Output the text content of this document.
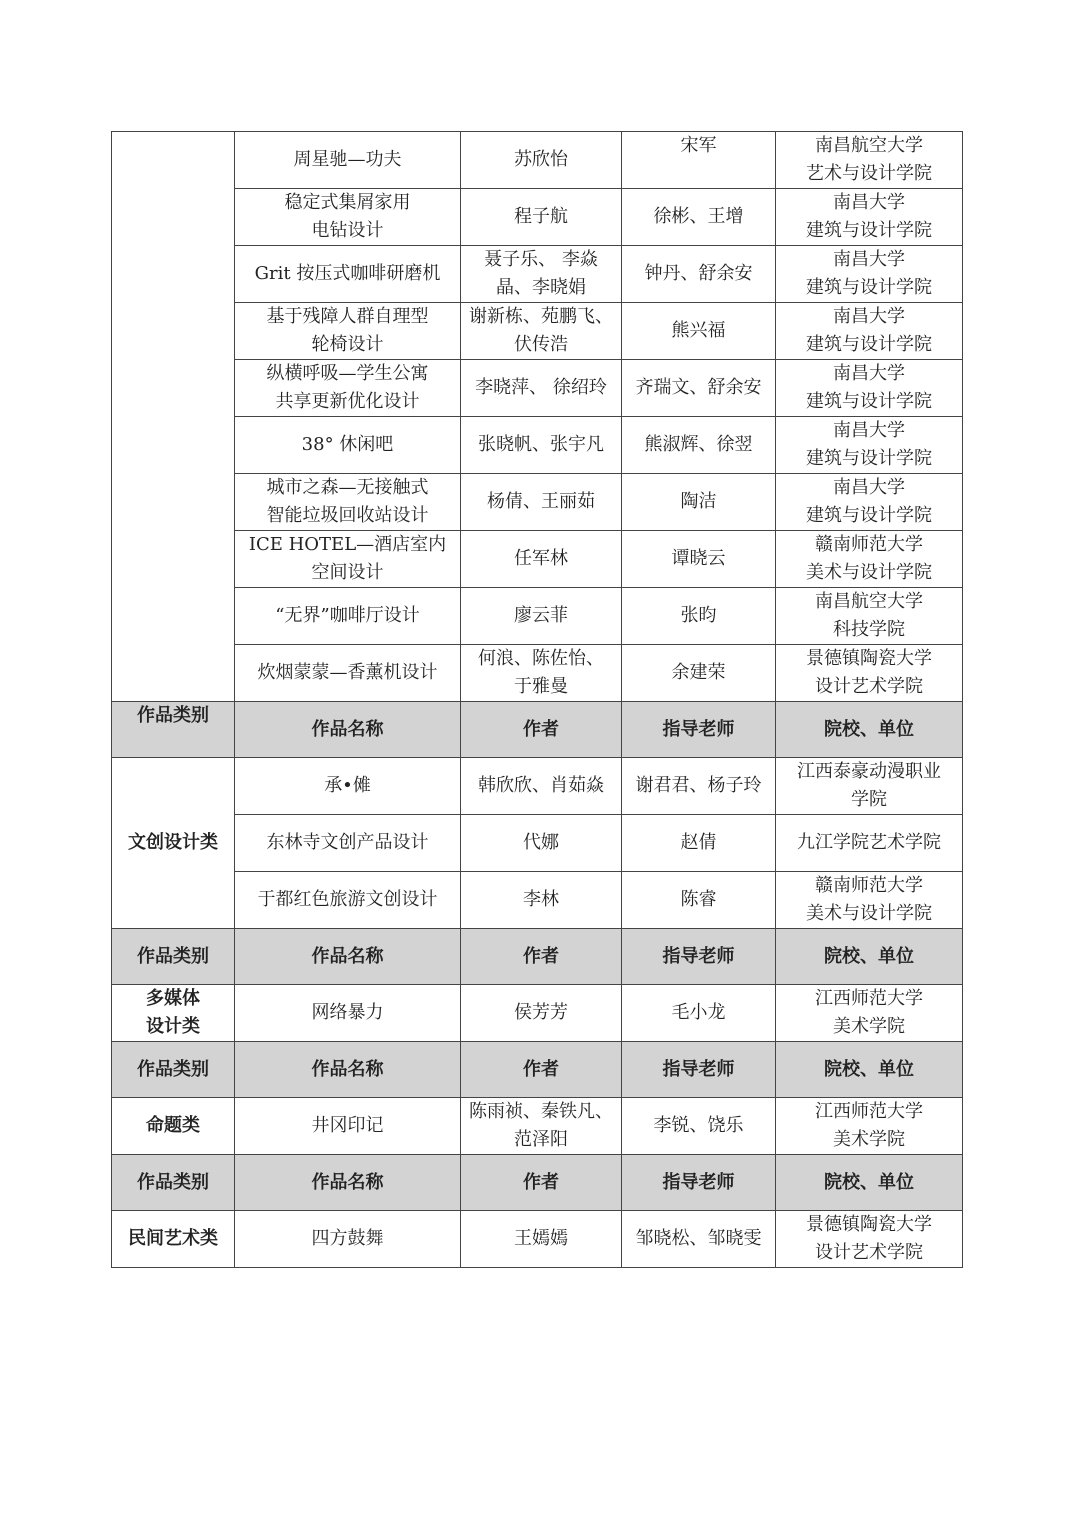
	周星驰—功夫	苏欣怡	宋军	南昌航空大学
艺术与设计学院

	稳定式集屑家用
电钻设计	程子航	徐彬、王增	南昌大学
建筑与设计学院

	Grit 按压式咖啡研磨机	聂子乐、 李焱
晶、李晓娟	钟丹、舒余安	南昌大学
建筑与设计学院

	基于残障人群自理型
轮椅设计	谢新栋、苑鹏飞、
伏传浩	熊兴福	南昌大学
建筑与设计学院

	纵横呼吸—学生公寓
共享更新优化设计	李晓萍、 徐绍玲	齐瑞文、舒余安	南昌大学
建筑与设计学院

	38° 休闲吧	张晓帆、张宇凡	熊淑辉、徐翌	南昌大学
建筑与设计学院

	城市之森—无接触式
智能垃圾回收站设计	杨倩、王丽茹	陶洁	南昌大学
建筑与设计学院

	ICE HOTEL—酒店室内
空间设计	任军林	谭晓云	赣南师范大学
美术与设计学院

	“无界”咖啡厅设计	廖云菲	张昀	南昌航空大学
科技学院

	炊烟蒙蒙—香薰机设计	何浪、陈佐怡、
于雅曼	余建荣	景德镇陶瓷大学
设计艺术学院

作品类别	作品名称	作者	指导老师	院校、单位
文创设计类	承•傩	韩欣欣、肖茹焱	谢君君、杨子玲	江西泰豪动漫职业
学院

	东林寺文创产品设计	代娜	赵倩	九江学院艺术学院

	于都红色旅游文创设计	李林	陈睿	赣南师范大学
美术与设计学院

作品类别	作品名称	作者	指导老师	院校、单位

多媒体
设计类	网络暴力	侯芳芳	毛小龙	江西师范大学
美术学院

作品类别	作品名称	作者	指导老师	院校、单位
命题类	井冈印记	陈雨祯、秦铁凡、
范泽阳	李锐、饶乐	江西师范大学
美术学院

作品类别	作品名称	作者	指导老师	院校、单位
民间艺术类	四方鼓舞	王嫣嫣	邹晓松、邹晓雯	景德镇陶瓷大学
设计艺术学院
